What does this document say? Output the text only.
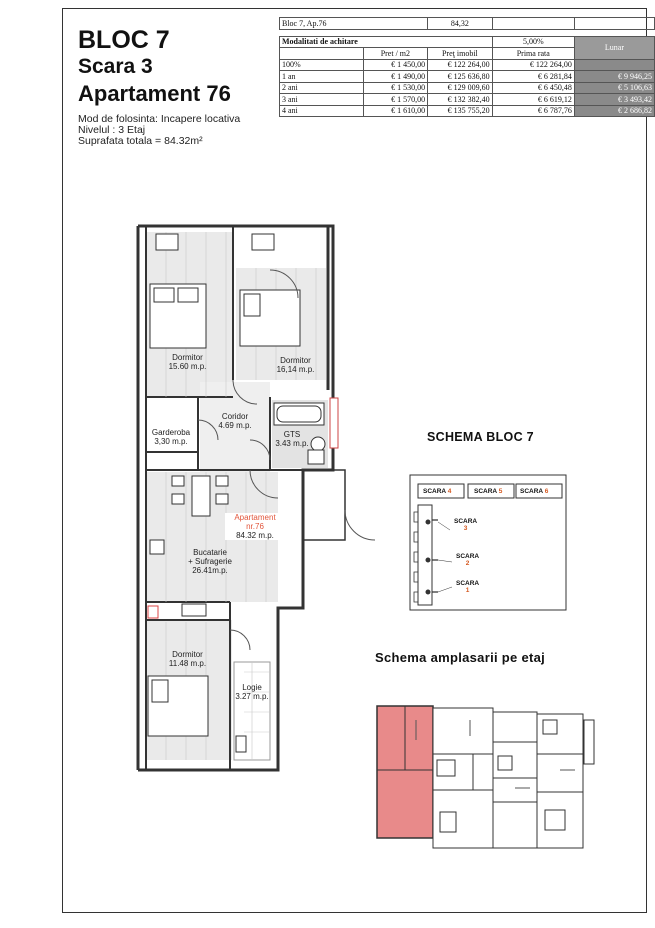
BLOC 7
Scara 3
Apartament 76
Mod de folosinta: Incapere locativa
Nivelul : 3 Etaj
Suprafata totala = 84.32m²
Bloc 7, Ap.76		84,32		

Modalitati de achitare			5,00%	Lunar
	Pret / m2	Preţ imobil	Prima rata	
100%	€ 1 450,00	€ 122 264,00	€ 122 264,00	
1 an	€ 1 490,00	€ 125 636,80	€ 6 281,84	€ 9 946,25
2 ani	€ 1 530,00	€ 129 009,60	€ 6 450,48	€ 5 106,63
3 ani	€ 1 570,00	€ 132 382,40	€ 6 619,12	€ 3 493,42
4 ani	€ 1 610,00	€ 135 755,20	€ 6 787,76	€ 2 686,82
Dormitor
15.60 m.p.
Dormitor
16,14 m.p.
Coridor
4.69 m.p.
Garderoba
3,30 m.p.
GTS
3.43 m.p.
Apartament
nr.76
84.32 m.p.
Bucatarie
+ Sufragerie
26.41m.p.
Dormitor
11.48 m.p.
Logie
3.27 m.p.
SCHEMA BLOC 7
SCARA 4	SCARA 5	SCARA 6
SCARA
3
SCARA
2
SCARA
1
Schema amplasarii pe etaj
